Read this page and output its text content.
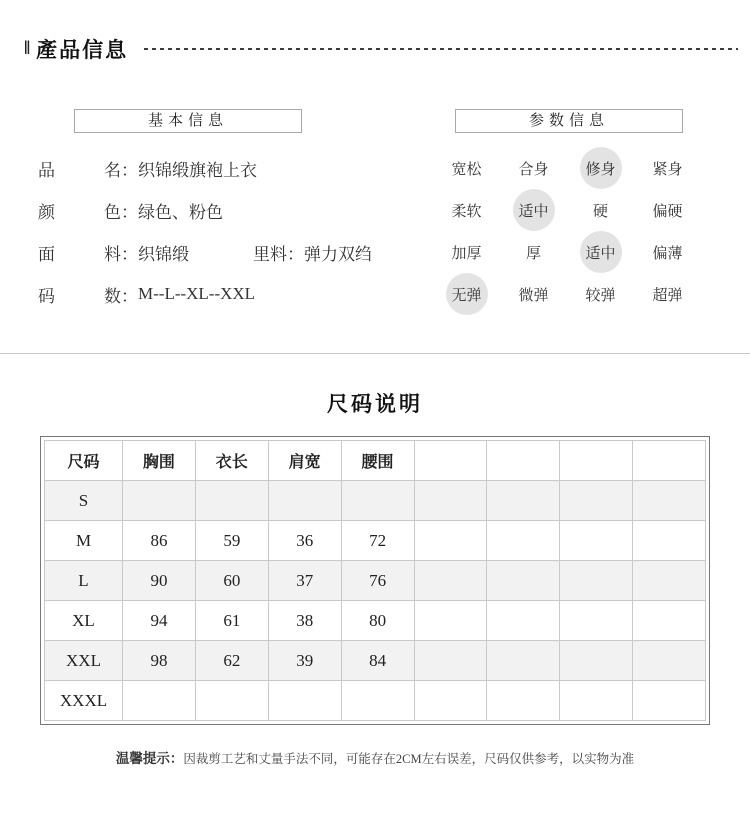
‖ 產品信息
基本信息
品	名： 织锦缎旗袍上衣
颜	色： 绿色、粉色
面	料： 织锦缎	里料： 弹力双绉
码	数： M--L--XL--XXL
参数信息
宽松	合身	修身	紧身
柔软	适中	硬	偏硬
加厚	厚	适中	偏薄
无弹	微弹	较弹	超弹
尺码说明
尺码	胸围	衣长	肩宽	腰围				
S								
M	86	59	36	72				
L	90	60	37	76				
XL	94	61	38	80				
XXL	98	62	39	84				
XXXL								

温馨提示：因裁剪工艺和丈量手法不同，可能存在2CM左右误差，尺码仅供参考，以实物为准
